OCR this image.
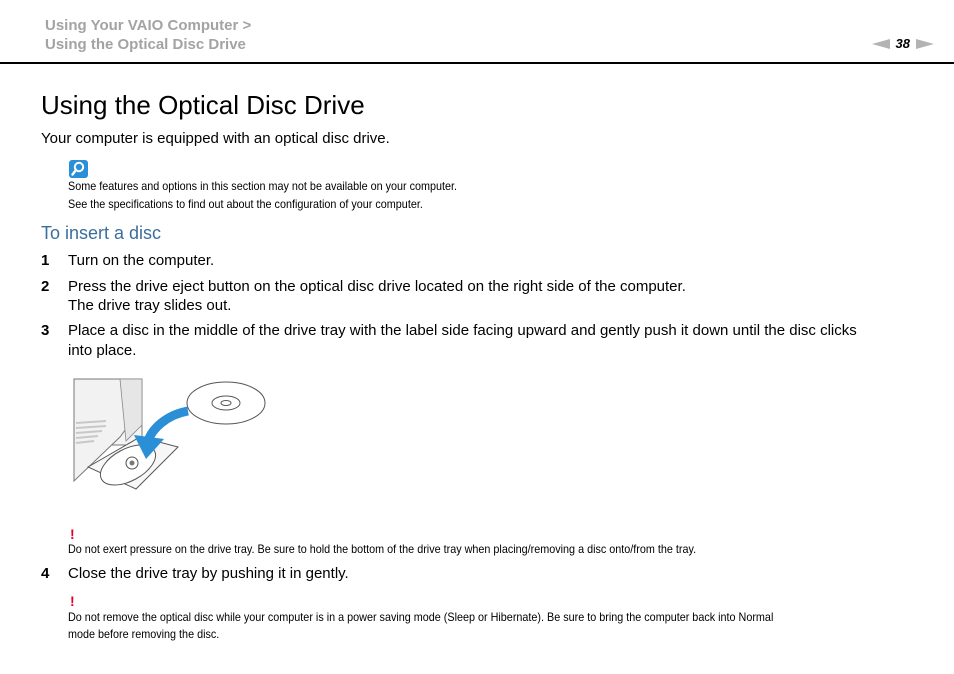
Using Your VAIO Computer >
Using the Optical Disc Drive	38
Using the Optical Disc Drive
Your computer is equipped with an optical disc drive.
Some features and options in this section may not be available on your computer.
See the specifications to find out about the configuration of your computer.
To insert a disc
1 Turn on the computer.
2 Press the drive eject button on the optical disc drive located on the right side of the computer.
The drive tray slides out.
3 Place a disc in the middle of the drive tray with the label side facing upward and gently push it down until the disc clicks
into place.
!
Do not exert pressure on the drive tray. Be sure to hold the bottom of the drive tray when placing/removing a disc onto/from the tray.
4 Close the drive tray by pushing it in gently.
!
Do not remove the optical disc while your computer is in a power saving mode (Sleep or Hibernate). Be sure to bring the computer back into Normal
mode before removing the disc.
